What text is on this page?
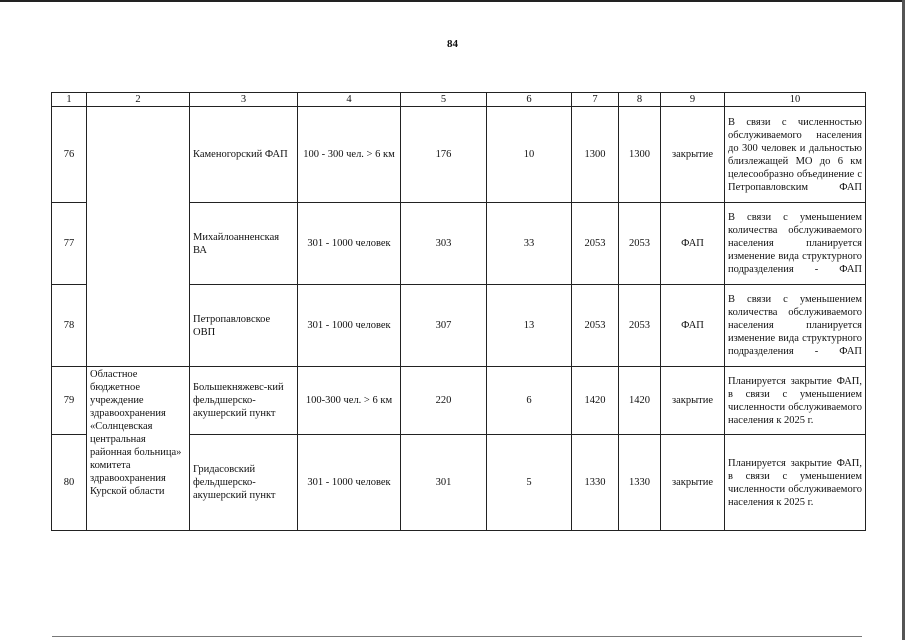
84
1	2	3	4	5	6	7	8	9	10
76		Каменогорский ФАП	100 - 300 чел. > 6 км	176	10	1300	1300	закрытие	В связи с численностью обслуживаемого населения до 300 человек и дальностью близлежащей МО до 6 км целесообразно объединение с Петропавловским ФАП
77		Михайлоанненская ВА	301 - 1000 человек	303	33	2053	2053	ФАП	В связи с уменьшением количества обслуживаемого населения планируется изменение вида структурного подразделения - ФАП
78		Петропавловское ОВП	301 - 1000 человек	307	13	2053	2053	ФАП	В связи с уменьшением количества обслуживаемого населения планируется изменение вида структурного подразделения - ФАП
79	Областное бюджетное учреждение здравоохранения «Солнцевская центральная районная больница» комитета здравоохранения Курской области	Большекняжевс-кий фельдшерско-акушерский пункт	100-300 чел. > 6 км	220	6	1420	1420	закрытие	Планируется закрытие ФАП, в связи с уменьшением численности обслуживаемого населения к 2025 г.
80		Гридасовский фельдшерско-акушерский пункт	301 - 1000 человек	301	5	1330	1330	закрытие	Планируется закрытие ФАП, в связи с уменьшением численности обслуживаемого населения к 2025 г.
